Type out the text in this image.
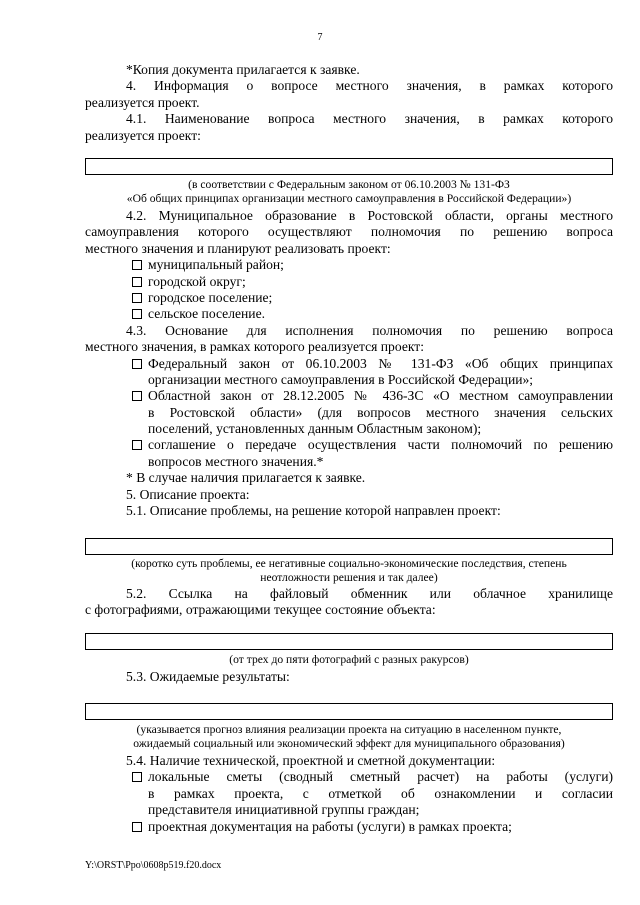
7
*Копия документа прилагается к заявке.
4. Информация о вопросе местного значения, в рамках которого
реализуется проект.
4.1. Наименование вопроса местного значения, в рамках которого
реализуется проект:
(в соответствии с Федеральным законом от 06.10.2003 № 131-ФЗ
«Об общих принципах организации местного самоуправления в Российской Федерации»)
4.2. Муниципальное образование в Ростовской области, органы местного
самоуправления которого осуществляют полномочия по решению вопроса
местного значения и планируют реализовать проект:
муниципальный район;
городской округ;
городское поселение;
сельское поселение.
4.3. Основание для исполнения полномочия по решению вопроса
местного значения, в рамках которого реализуется проект:
Федеральный закон от 06.10.2003 № 131-ФЗ «Об общих принципах
организации местного самоуправления в Российской Федерации»;
Областной закон от 28.12.2005 № 436-ЗС «О местном самоуправлении
в Ростовской области» (для вопросов местного значения сельских
поселений, установленных данным Областным законом);
соглашение о передаче осуществления части полномочий по решению
вопросов местного значения.*
* В случае наличия прилагается к заявке.
5. Описание проекта:
5.1. Описание проблемы, на решение которой направлен проект:
(коротко суть проблемы, ее негативные социально-экономические последствия, степень
неотложности решения и так далее)
5.2. Ссылка на файловый обменник или облачное хранилище
с фотографиями, отражающими текущее состояние объекта:
(от трех до пяти фотографий с разных ракурсов)
5.3. Ожидаемые результаты:
(указывается прогноз влияния реализации проекта на ситуацию в населенном пункте,
ожидаемый социальный или экономический эффект для муниципального образования)
5.4. Наличие технической, проектной и сметной документации:
локальные сметы (сводный сметный расчет) на работы (услуги)
в рамках проекта, с отметкой об ознакомлении и согласии
представителя инициативной группы граждан;
проектная документация на работы (услуги) в рамках проекта;
Y:\ORST\Ppo\0608p519.f20.docx
